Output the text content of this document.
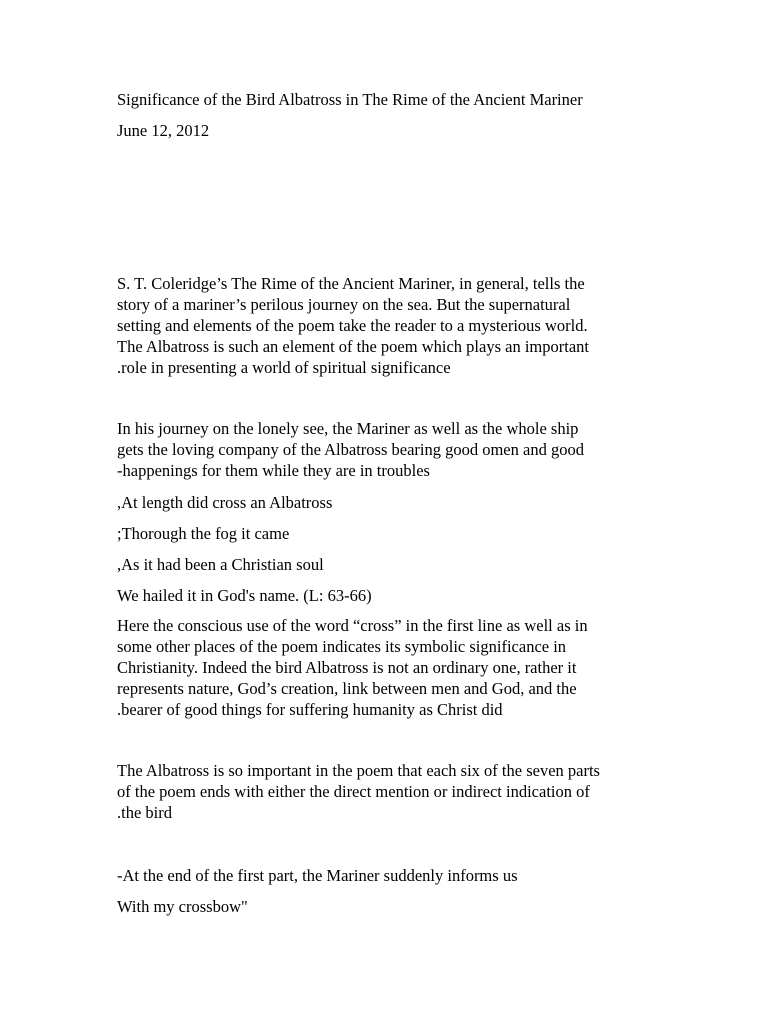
Significance of the Bird Albatross in The Rime of the Ancient Mariner

June 12, 2012

S. T. Coleridge’s The Rime of the Ancient Mariner, in general, tells the

story of a mariner’s perilous journey on the sea. But the supernatural

setting and elements of the poem take the reader to a mysterious world.

The Albatross is such an element of the poem which plays an important

.role in presenting a world of spiritual significance

In his journey on the lonely see, the Mariner as well as the whole ship

gets the loving company of the Albatross bearing good omen and good

-happenings for them while they are in troubles

,At length did cross an Albatross

;Thorough the fog it came

,As it had been a Christian soul

We hailed it in God's name. (L: 63-66)

Here the conscious use of the word “cross” in the first line as well as in

some other places of the poem indicates its symbolic significance in

Christianity. Indeed the bird Albatross is not an ordinary one, rather it

represents nature, God’s creation, link between men and God, and the

.bearer of good things for suffering humanity as Christ did

The Albatross is so important in the poem that each six of the seven parts

of the poem ends with either the direct mention or indirect indication of

.the bird

-At the end of the first part, the Mariner suddenly informs us

With my crossbow"
